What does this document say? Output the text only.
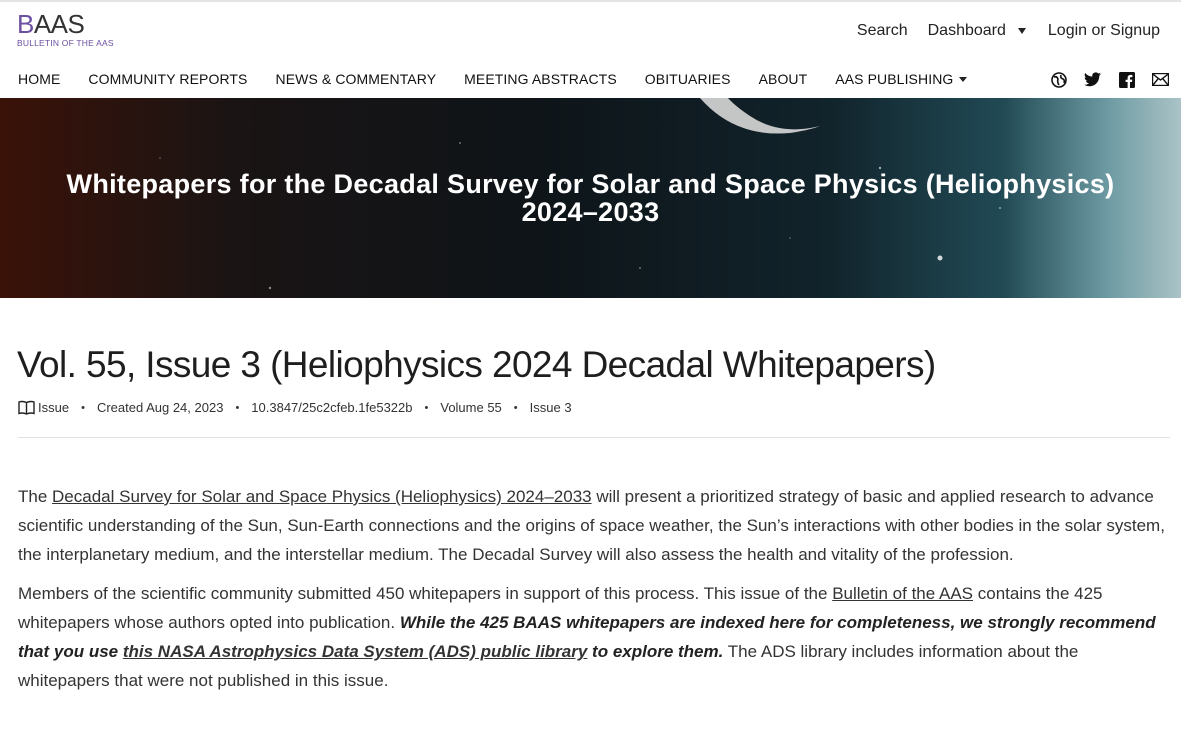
BAAS
BULLETIN OF THE AAS
Search Dashboard	Login or Signup
HOME COMMUNITY REPORTS NEWS & COMMENTARY MEETING ABSTRACTS OBITUARIES ABOUT AAS PUBLISHING
Whitepapers for the Decadal Survey for Solar and Space Physics (Heliophysics)
2024–2033
Vol. 55, Issue 3 (Heliophysics 2024 Decadal Whitepapers)
Issue • Created Aug 24, 2023 • 10.3847/25c2cfeb.1fe5322b • Volume 55 • Issue 3

The Decadal Survey for Solar and Space Physics (Heliophysics) 2024–2033 will present a prioritized strategy of basic and applied research to advance scientific understanding of the Sun, Sun-Earth connections and the origins of space weather, the Sun’s interactions with other bodies in the solar system, the interplanetary medium, and the interstellar medium. The Decadal Survey will also assess the health and vitality of the profession.

Members of the scientific community submitted 450 whitepapers in support of this process. This issue of the Bulletin of the AAS contains the 425 whitepapers whose authors opted into publication. While the 425 BAAS whitepapers are indexed here for completeness, we strongly recommend that you use this NASA Astrophysics Data System (ADS) public library to explore them. The ADS library includes information about the whitepapers that were not published in this issue.
